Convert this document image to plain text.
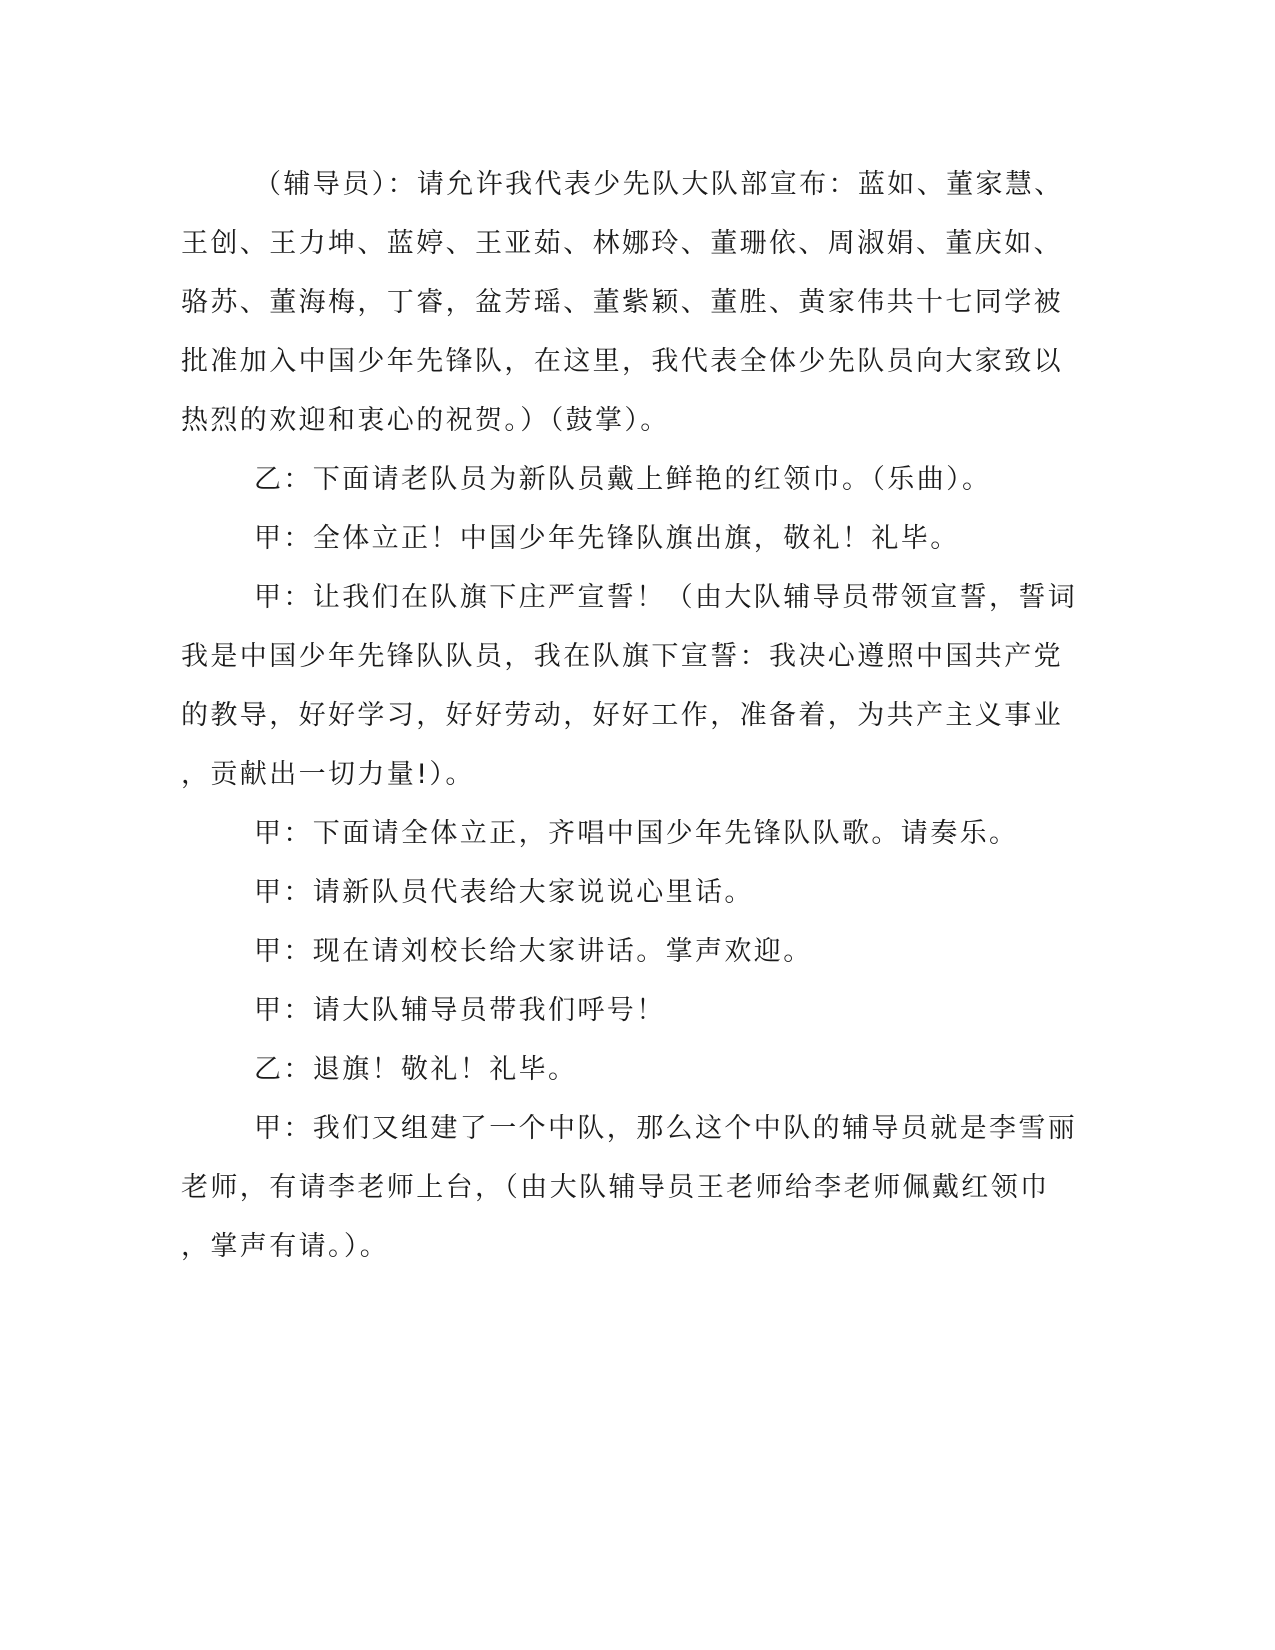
（辅导员）：请允许我代表少先队大队部宣布：蓝如、董家慧、
王创、王力坤、蓝婷、王亚茹、林娜玲、董珊依、周淑娟、董庆如、
骆苏、董海梅，丁睿，盆芳瑶、董紫颖、董胜、黄家伟共十七同学被
批准加入中国少年先锋队，在这里，我代表全体少先队员向大家致以
热烈的欢迎和衷心的祝贺。）（鼓掌）。
乙：下面请老队员为新队员戴上鲜艳的红领巾。（乐曲）。
甲：全体立正！中国少年先锋队旗出旗，敬礼！礼毕。
甲：让我们在队旗下庄严宣誓！（由大队辅导员带领宣誓，誓词
我是中国少年先锋队队员，我在队旗下宣誓：我决心遵照中国共产党
的教导，好好学习，好好劳动，好好工作，准备着，为共产主义事业
，贡献出一切力量!）。
甲：下面请全体立正，齐唱中国少年先锋队队歌。请奏乐。
甲：请新队员代表给大家说说心里话。
甲：现在请刘校长给大家讲话。掌声欢迎。
甲：请大队辅导员带我们呼号！
乙：退旗！敬礼！礼毕。
甲：我们又组建了一个中队，那么这个中队的辅导员就是李雪丽
老师，有请李老师上台，（由大队辅导员王老师给李老师佩戴红领巾
，掌声有请。）。
